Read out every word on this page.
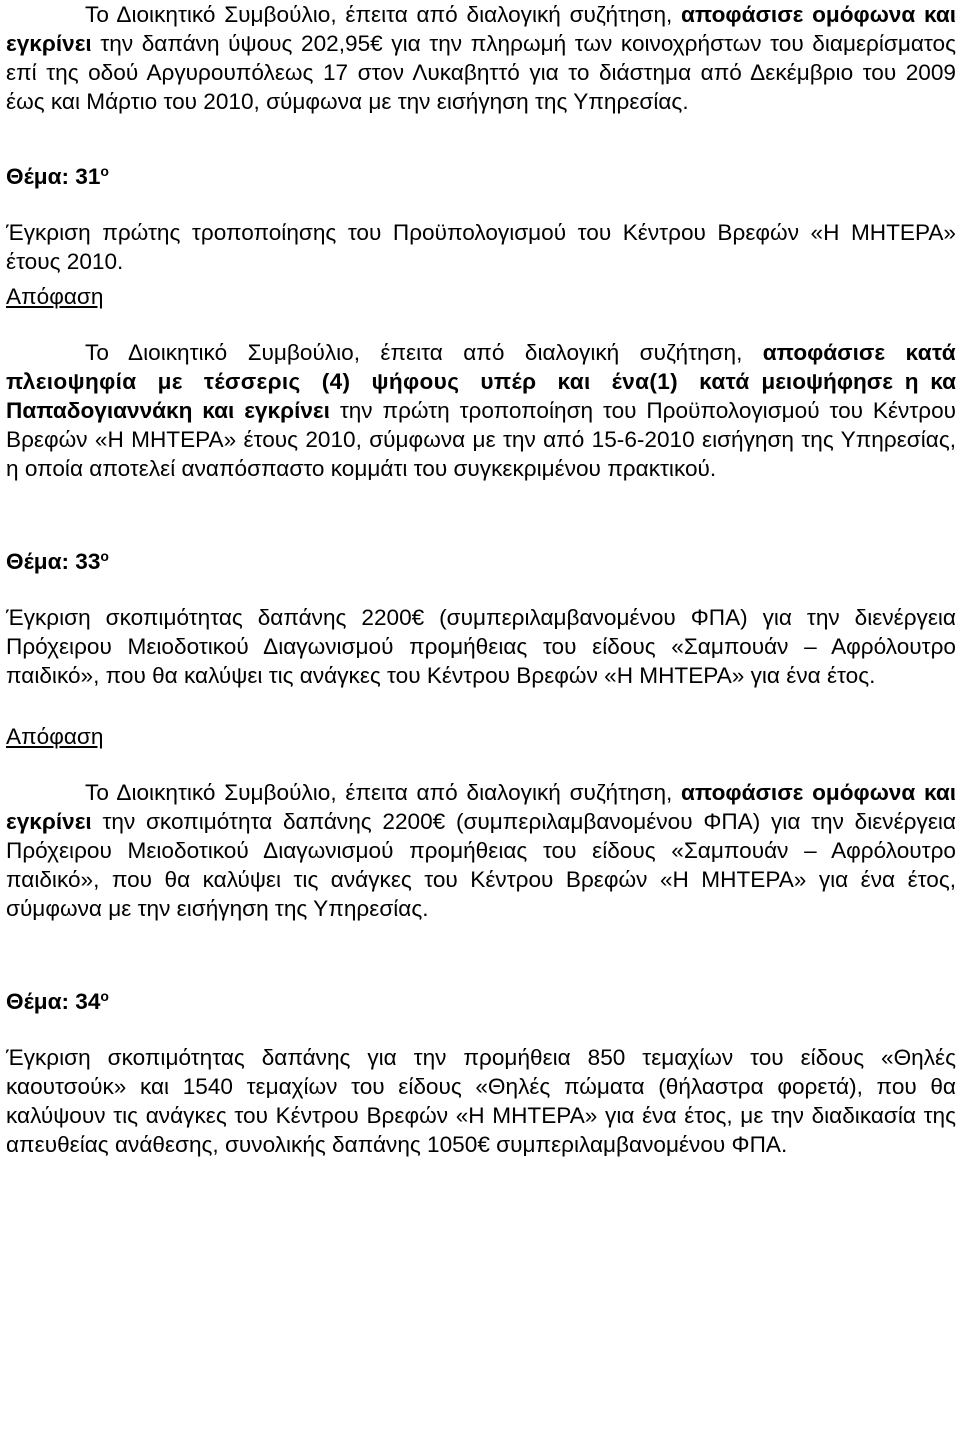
Το Διοικητικό Συμβούλιο, έπειτα από διαλογική συζήτηση, αποφάσισε ομόφωνα και εγκρίνει την δαπάνη ύψους 202,95€ για την πληρωμή των κοινοχρήστων του διαμερίσματος επί της οδού Αργυρουπόλεως 17 στον Λυκαβηττό για το διάστημα από Δεκέμβριο του 2009 έως και Μάρτιο του 2010, σύμφωνα με την εισήγηση της Υπηρεσίας.

Θέμα: $31^o$

Έγκριση πρώτης τροποποίησης του Προϋπολογισμού του Κέντρου Βρεφών «Η ΜΗΤΕΡΑ» έτους 2010.

Απόφαση

Το Διοικητικό Συμβούλιο, έπειτα από διαλογική συζήτηση, αποφάσισε κατά πλειοψηφία με τέσσερις (4) ψήφους υπέρ και ένα(1) κατά μειοψήφησε η κα Παπαδογιαννάκη και εγκρίνει την πρώτη τροποποίηση του Προϋπολογισμού του Κέντρου Βρεφών «Η ΜΗΤΕΡΑ» έτους 2010, σύμφωνα με την από 15-6-2010 εισήγηση της Υπηρεσίας, η οποία αποτελεί αναπόσπαστο κομμάτι του συγκεκριμένου πρακτικού.

Θέμα: $33^o$

Έγκριση σκοπιμότητας δαπάνης 2200€ (συμπεριλαμβανομένου ΦΠΑ) για την διενέργεια Πρόχειρου Μειοδοτικού Διαγωνισμού προμήθειας του είδους «Σαμπουάν – Αφρόλουτρο παιδικό», που θα καλύψει τις ανάγκες του Κέντρου Βρεφών «Η ΜΗΤΕΡΑ» για ένα έτος.

Απόφαση

Το Διοικητικό Συμβούλιο, έπειτα από διαλογική συζήτηση, αποφάσισε ομόφωνα και εγκρίνει την σκοπιμότητα δαπάνης 2200€ (συμπεριλαμβανομένου ΦΠΑ) για την διενέργεια Πρόχειρου Μειοδοτικού Διαγωνισμού προμήθειας του είδους «Σαμπουάν – Αφρόλουτρο παιδικό», που θα καλύψει τις ανάγκες του Κέντρου Βρεφών «Η ΜΗΤΕΡΑ» για ένα έτος, σύμφωνα με την εισήγηση της Υπηρεσίας.

Θέμα: $34^o$

Έγκριση σκοπιμότητας δαπάνης για την προμήθεια 850 τεμαχίων του είδους «Θηλές καουτσούκ» και 1540 τεμαχίων του είδους «Θηλές πώματα (θήλαστρα φορετά), που θα καλύψουν τις ανάγκες του Κέντρου Βρεφών «Η ΜΗΤΕΡΑ» για ένα έτος, με την διαδικασία της απευθείας ανάθεσης, συνολικής δαπάνης 1050€ συμπεριλαμβανομένου ΦΠΑ.
